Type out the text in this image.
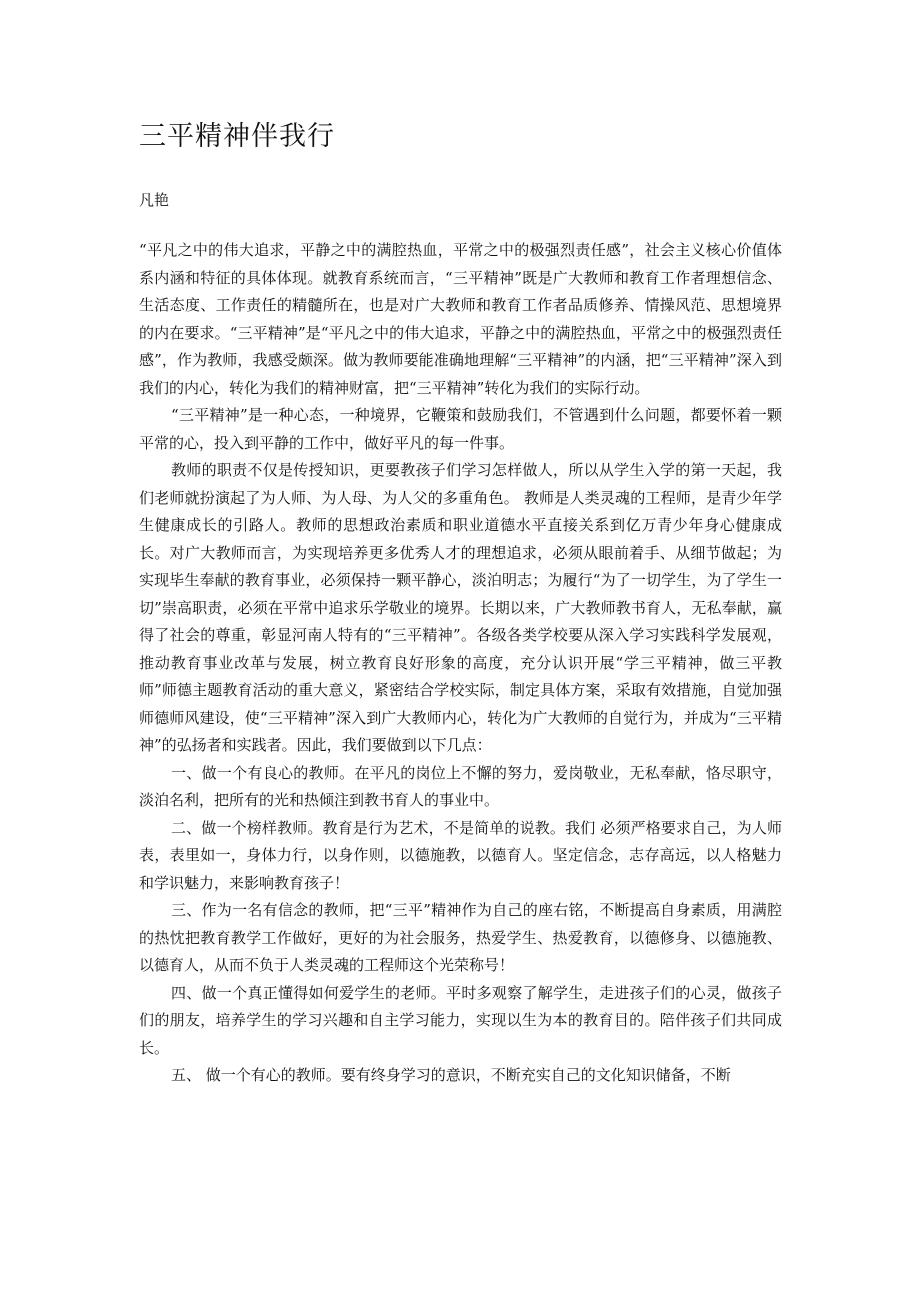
三平精神伴我行

凡艳

“平凡之中的伟大追求，平静之中的满腔热血，平常之中的极强烈责任感”，社会主义核心价值体系内涵和特征的具体体现。就教育系统而言，“三平精神”既是广大教师和教育工作者理想信念、生活态度、工作责任的精髓所在，也是对广大教师和教育工作者品质修养、情操风范、思想境界的内在要求。“三平精神”是“平凡之中的伟大追求，平静之中的满腔热血，平常之中的极强烈责任感”，作为教师，我感受颇深。做为教师要能准确地理解“三平精神”的内涵，把“三平精神”深入到我们的内心，转化为我们的精神财富，把“三平精神”转化为我们的实际行动。

“三平精神”是一种心态，一种境界，它鞭策和鼓励我们，不管遇到什么问题，都要怀着一颗平常的心，投入到平静的工作中，做好平凡的每一件事。

教师的职责不仅是传授知识，更要教孩子们学习怎样做人，所以从学生入学的第一天起，我们老师就扮演起了为人师、为人母、为人父的多重角色。 教师是人类灵魂的工程师，是青少年学生健康成长的引路人。教师的思想政治素质和职业道德水平直接关系到亿万青少年身心健康成长。对广大教师而言，为实现培养更多优秀人才的理想追求，必须从眼前着手、从细节做起；为实现毕生奉献的教育事业，必须保持一颗平静心，淡泊明志；为履行“为了一切学生，为了学生一切”崇高职责，必须在平常中追求乐学敬业的境界。长期以来，广大教师教书育人，无私奉献，赢得了社会的尊重，彰显河南人特有的“三平精神”。各级各类学校要从深入学习实践科学发展观，推动教育事业改革与发展，树立教育良好形象的高度，充分认识开展“学三平精神，做三平教师”师德主题教育活动的重大意义，紧密结合学校实际，制定具体方案，采取有效措施，自觉加强师德师风建设，使“三平精神”深入到广大教师内心，转化为广大教师的自觉行为，并成为“三平精神”的弘扬者和实践者。因此，我们要做到以下几点：

一、做一个有良心的教师。在平凡的岗位上不懈的努力，爱岗敬业，无私奉献，恪尽职守，淡泊名利，把所有的光和热倾注到教书育人的事业中。

二、做一个榜样教师。教育是行为艺术，不是简单的说教。我们 必须严格要求自己，为人师表，表里如一，身体力行，以身作则，以德施教，以德育人。坚定信念，志存高远，以人格魅力和学识魅力，来影响教育孩子！

三、作为一名有信念的教师，把“三平”精神作为自己的座右铭，不断提高自身素质，用满腔的热忱把教育教学工作做好，更好的为社会服务，热爱学生、热爱教育，以德修身、以德施教、以德育人，从而不负于人类灵魂的工程师这个光荣称号！

四、做一个真正懂得如何爱学生的老师。平时多观察了解学生，走进孩子们的心灵，做孩子们的朋友，培养学生的学习兴趣和自主学习能力，实现以生为本的教育目的。陪伴孩子们共同成长。

五、 做一个有心的教师。要有终身学习的意识，不断充实自己的文化知识储备，不断
